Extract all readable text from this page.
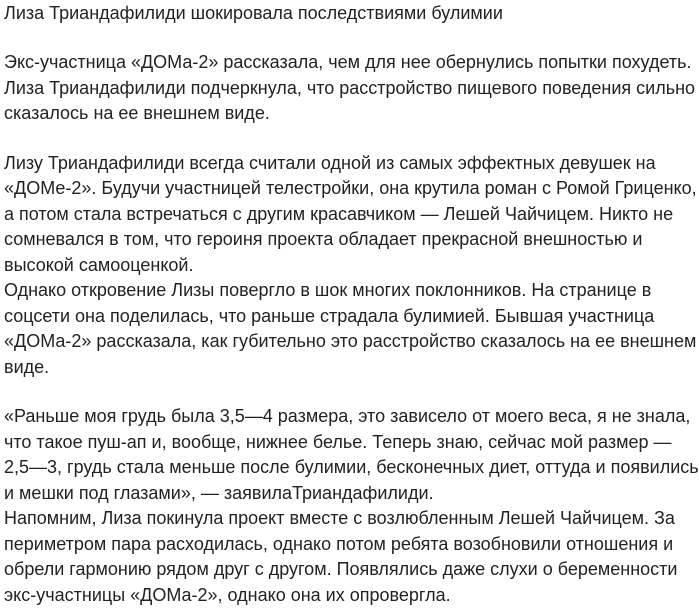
Лиза Триандафилиди шокировала последствиями булимии

Экс-участница «ДОМа-2» рассказала, чем для нее обернулись попытки похудеть.
Лиза Триандафилиди подчеркнула, что расстройство пищевого поведения сильно
сказалось на ее внешнем виде.

Лизу Триандафилиди всегда считали одной из самых эффектных девушек на
«ДОМе-2». Будучи участницей телестройки, она крутила роман с Ромой Гриценко,
а потом стала встречаться с другим красавчиком — Лешей Чайчицем. Никто не
сомневался в том, что героиня проекта обладает прекрасной внешностью и
высокой самооценкой.

Однако откровение Лизы повергло в шок многих поклонников. На странице в
соцсети она поделилась, что раньше страдала булимией. Бывшая участница
«ДОМа-2» рассказала, как губительно это расстройство сказалось на ее внешнем
виде.

«Раньше моя грудь была 3,5—4 размера, это зависело от моего веса, я не знала,
что такое пуш-ап и, вообще, нижнее белье. Теперь знаю, сейчас мой размер —
2,5—3, грудь стала меньше после булимии, бесконечных диет, оттуда и появились
и мешки под глазами», — заявилаТриандафилиди.

Напомним, Лиза покинула проект вместе с возлюбленным Лешей Чайчицем. За
периметром пара расходилась, однако потом ребята возобновили отношения и
обрели гармонию рядом друг с другом. Появлялись даже слухи о беременности
экс-участницы «ДОМа-2», однако она их опровергла.
